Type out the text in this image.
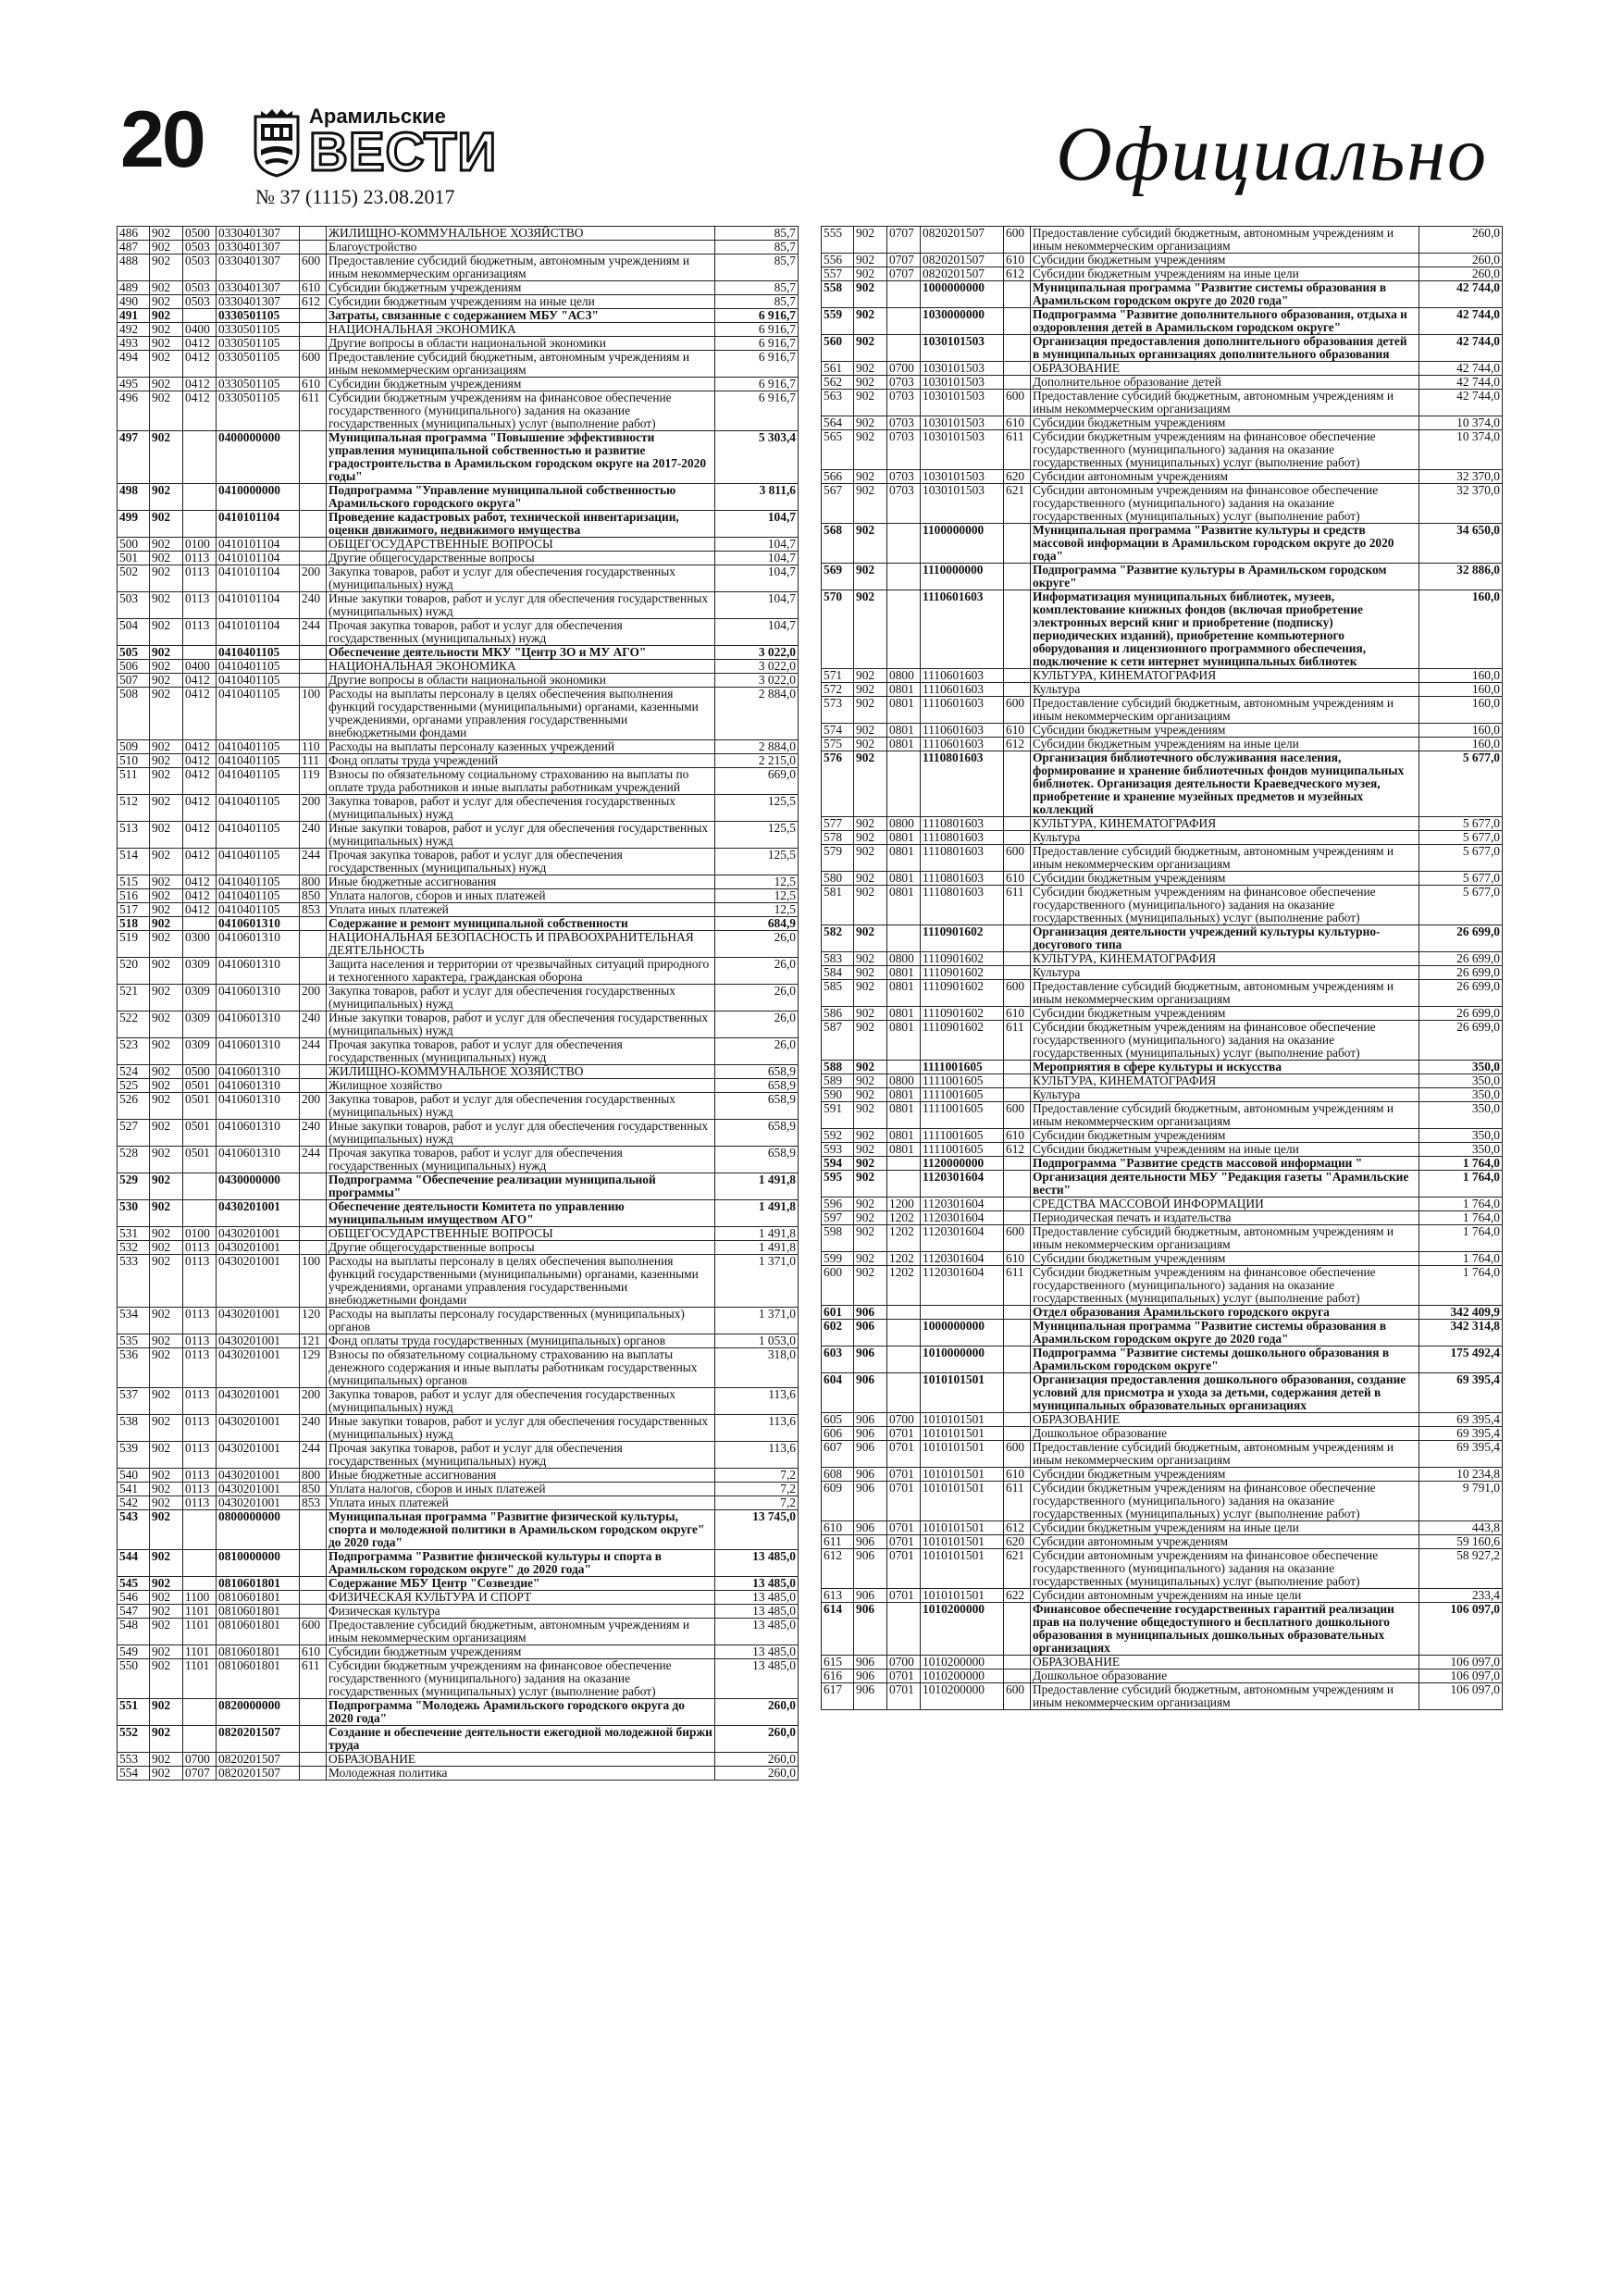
20	Арамильские
ВЕСТИ
№ 37 (1115) 23.08.2017	Официально
486	902	0500	0330401307		ЖИЛИЩНО-КОММУНАЛЬНОЕ ХОЗЯЙСТВО	85,7
487	902	0503	0330401307		Благоустройство	85,7
488	902	0503	0330401307	600	Предоставление субсидий бюджетным, автономным учреждениям и иным некоммерческим организациям	85,7
489	902	0503	0330401307	610	Субсидии бюджетным учреждениям	85,7
490	902	0503	0330401307	612	Субсидии бюджетным учреждениям на иные цели	85,7
491	902		0330501105		Затраты, связанные с содержанием МБУ "АСЗ"	6 916,7
492	902	0400	0330501105		НАЦИОНАЛЬНАЯ ЭКОНОМИКА	6 916,7
493	902	0412	0330501105		Другие вопросы в области национальной экономики	6 916,7
494	902	0412	0330501105	600	Предоставление субсидий бюджетным, автономным учреждениям и иным некоммерческим организациям	6 916,7
495	902	0412	0330501105	610	Субсидии бюджетным учреждениям	6 916,7
496	902	0412	0330501105	611	Субсидии бюджетным учреждениям на финансовое обеспечение государственного (муниципального) задания на оказание государственных (муниципальных) услуг (выполнение работ)	6 916,7
497	902		0400000000		Муниципальная программа "Повышение эффективности управления муниципальной собственностью и развитие градостроительства в Арамильском городском округе на 2017-2020 годы"	5 303,4
498	902		0410000000		Подпрограмма "Управление муниципальной собственностью Арамильского городского округа"	3 811,6
499	902		0410101104		Проведение кадастровых работ, технической инвентаризации, оценки движимого, недвижимого имущества	104,7
500	902	0100	0410101104		ОБЩЕГОСУДАРСТВЕННЫЕ ВОПРОСЫ	104,7
501	902	0113	0410101104		Другие общегосударственные вопросы	104,7
502	902	0113	0410101104	200	Закупка товаров, работ и услуг для обеспечения государственных (муниципальных) нужд	104,7
503	902	0113	0410101104	240	Иные закупки товаров, работ и услуг для обеспечения государственных (муниципальных) нужд	104,7
504	902	0113	0410101104	244	Прочая закупка товаров, работ и услуг для обеспечения государственных (муниципальных) нужд	104,7
505	902		0410401105		Обеспечение деятельности МКУ "Центр ЗО и МУ АГО"	3 022,0
506	902	0400	0410401105		НАЦИОНАЛЬНАЯ ЭКОНОМИКА	3 022,0
507	902	0412	0410401105		Другие вопросы в области национальной экономики	3 022,0
508	902	0412	0410401105	100	Расходы на выплаты персоналу в целях обеспечения выполнения функций государственными (муниципальными) органами, казенными учреждениями, органами управления государственными внебюджетными фондами	2 884,0
509	902	0412	0410401105	110	Расходы на выплаты персоналу казенных учреждений	2 884,0
510	902	0412	0410401105	111	Фонд оплаты труда учреждений	2 215,0
511	902	0412	0410401105	119	Взносы по обязательному социальному страхованию на выплаты по оплате труда работников и иные выплаты работникам учреждений	669,0
512	902	0412	0410401105	200	Закупка товаров, работ и услуг для обеспечения государственных (муниципальных) нужд	125,5
513	902	0412	0410401105	240	Иные закупки товаров, работ и услуг для обеспечения государственных (муниципальных) нужд	125,5
514	902	0412	0410401105	244	Прочая закупка товаров, работ и услуг для обеспечения государственных (муниципальных) нужд	125,5
515	902	0412	0410401105	800	Иные бюджетные ассигнования	12,5
516	902	0412	0410401105	850	Уплата налогов, сборов и иных платежей	12,5
517	902	0412	0410401105	853	Уплата иных платежей	12,5
518	902		0410601310		Содержание и ремонт муниципальной собственности	684,9
519	902	0300	0410601310		НАЦИОНАЛЬНАЯ БЕЗОПАСНОСТЬ И ПРАВООХРАНИТЕЛЬНАЯ ДЕЯТЕЛЬНОСТЬ	26,0
520	902	0309	0410601310		Защита населения и территории от чрезвычайных ситуаций природного и техногенного характера, гражданская оборона	26,0
521	902	0309	0410601310	200	Закупка товаров, работ и услуг для обеспечения государственных (муниципальных) нужд	26,0
522	902	0309	0410601310	240	Иные закупки товаров, работ и услуг для обеспечения государственных (муниципальных) нужд	26,0
523	902	0309	0410601310	244	Прочая закупка товаров, работ и услуг для обеспечения государственных (муниципальных) нужд	26,0
524	902	0500	0410601310		ЖИЛИЩНО-КОММУНАЛЬНОЕ ХОЗЯЙСТВО	658,9
525	902	0501	0410601310		Жилищное хозяйство	658,9
526	902	0501	0410601310	200	Закупка товаров, работ и услуг для обеспечения государственных (муниципальных) нужд	658,9
527	902	0501	0410601310	240	Иные закупки товаров, работ и услуг для обеспечения государственных (муниципальных) нужд	658,9
528	902	0501	0410601310	244	Прочая закупка товаров, работ и услуг для обеспечения государственных (муниципальных) нужд	658,9
529	902		0430000000		Подпрограмма "Обеспечение реализации муниципальной программы"	1 491,8
530	902		0430201001		Обеспечение деятельности Комитета по управлению муниципальным имуществом АГО"	1 491,8
531	902	0100	0430201001		ОБЩЕГОСУДАРСТВЕННЫЕ ВОПРОСЫ	1 491,8
532	902	0113	0430201001		Другие общегосударственные вопросы	1 491,8
533	902	0113	0430201001	100	Расходы на выплаты персоналу в целях обеспечения выполнения функций государственными (муниципальными) органами, казенными учреждениями, органами управления государственными внебюджетными фондами	1 371,0
534	902	0113	0430201001	120	Расходы на выплаты персоналу государственных (муниципальных) органов	1 371,0
535	902	0113	0430201001	121	Фонд оплаты труда государственных (муниципальных) органов	1 053,0
536	902	0113	0430201001	129	Взносы по обязательному социальному страхованию на выплаты денежного содержания и иные выплаты работникам государственных (муниципальных) органов	318,0
537	902	0113	0430201001	200	Закупка товаров, работ и услуг для обеспечения государственных (муниципальных) нужд	113,6
538	902	0113	0430201001	240	Иные закупки товаров, работ и услуг для обеспечения государственных (муниципальных) нужд	113,6
539	902	0113	0430201001	244	Прочая закупка товаров, работ и услуг для обеспечения государственных (муниципальных) нужд	113,6
540	902	0113	0430201001	800	Иные бюджетные ассигнования	7,2
541	902	0113	0430201001	850	Уплата налогов, сборов и иных платежей	7,2
542	902	0113	0430201001	853	Уплата иных платежей	7,2
543	902		0800000000		Муниципальная программа "Развитие физической культуры, спорта и молодежной политики в Арамильском городском округе" до 2020 года"	13 745,0
544	902		0810000000		Подпрограмма "Развитие физической культуры и спорта в Арамильском городском округе" до 2020 года"	13 485,0
545	902		0810601801		Содержание МБУ Центр "Созвездие"	13 485,0
546	902	1100	0810601801		ФИЗИЧЕСКАЯ КУЛЬТУРА И СПОРТ	13 485,0
547	902	1101	0810601801		Физическая культура	13 485,0
548	902	1101	0810601801	600	Предоставление субсидий бюджетным, автономным учреждениям и иным некоммерческим организациям	13 485,0
549	902	1101	0810601801	610	Субсидии бюджетным учреждениям	13 485,0
550	902	1101	0810601801	611	Субсидии бюджетным учреждениям на финансовое обеспечение государственного (муниципального) задания на оказание государственных (муниципальных) услуг (выполнение работ)	13 485,0
551	902		0820000000		Подпрограмма "Молодежь Арамильского городского округа до 2020 года"	260,0
552	902		0820201507		Создание и обеспечение деятельности ежегодной молодежной биржи труда	260,0
553	902	0700	0820201507		ОБРАЗОВАНИЕ	260,0
554	902	0707	0820201507		Молодежная политика	260,0
555	902	0707	0820201507	600	Предоставление субсидий бюджетным, автономным учреждениям и иным некоммерческим организациям	260,0
556	902	0707	0820201507	610	Субсидии бюджетным учреждениям	260,0
557	902	0707	0820201507	612	Субсидии бюджетным учреждениям на иные цели	260,0
558	902		1000000000		Муниципальная программа "Развитие системы образования в Арамильском городском округе до 2020 года"	42 744,0
559	902		1030000000		Подпрограмма "Развитие дополнительного образования, отдыха и оздоровления детей в Арамильском городском округе"	42 744,0
560	902		1030101503		Организация предоставления дополнительного образования детей в муниципальных организациях дополнительного образования	42 744,0
561	902	0700	1030101503		ОБРАЗОВАНИЕ	42 744,0
562	902	0703	1030101503		Дополнительное образование детей	42 744,0
563	902	0703	1030101503	600	Предоставление субсидий бюджетным, автономным учреждениям и иным некоммерческим организациям	42 744,0
564	902	0703	1030101503	610	Субсидии бюджетным учреждениям	10 374,0
565	902	0703	1030101503	611	Субсидии бюджетным учреждениям на финансовое обеспечение государственного (муниципального) задания на оказание государственных (муниципальных) услуг (выполнение работ)	10 374,0
566	902	0703	1030101503	620	Субсидии автономным учреждениям	32 370,0
567	902	0703	1030101503	621	Субсидии автономным учреждениям на финансовое обеспечение государственного (муниципального) задания на оказание государственных (муниципальных) услуг (выполнение работ)	32 370,0
568	902		1100000000		Муниципальная программа "Развитие культуры и средств массовой информации в Арамильском городском округе до 2020 года"	34 650,0
569	902		1110000000		Подпрограмма "Развитие культуры в Арамильском городском округе"	32 886,0
570	902		1110601603		Информатизация муниципальных библиотек, музеев, комплектование книжных фондов (включая приобретение электронных версий книг и приобретение (подписку) периодических изданий), приобретение компьютерного оборудования и лицензионного программного обеспечения, подключение к сети интернет муниципальных библиотек	160,0
571	902	0800	1110601603		КУЛЬТУРА, КИНЕМАТОГРАФИЯ	160,0
572	902	0801	1110601603		Культура	160,0
573	902	0801	1110601603	600	Предоставление субсидий бюджетным, автономным учреждениям и иным некоммерческим организациям	160,0
574	902	0801	1110601603	610	Субсидии бюджетным учреждениям	160,0
575	902	0801	1110601603	612	Субсидии бюджетным учреждениям на иные цели	160,0
576	902		1110801603		Организация библиотечного обслуживания населения, формирование и хранение библиотечных фондов муниципальных библиотек. Организация деятельности Краеведческого музея, приобретение и хранение музейных предметов и музейных коллекций	5 677,0
577	902	0800	1110801603		КУЛЬТУРА, КИНЕМАТОГРАФИЯ	5 677,0
578	902	0801	1110801603		Культура	5 677,0
579	902	0801	1110801603	600	Предоставление субсидий бюджетным, автономным учреждениям и иным некоммерческим организациям	5 677,0
580	902	0801	1110801603	610	Субсидии бюджетным учреждениям	5 677,0
581	902	0801	1110801603	611	Субсидии бюджетным учреждениям на финансовое обеспечение государственного (муниципального) задания на оказание государственных (муниципальных) услуг (выполнение работ)	5 677,0
582	902		1110901602		Организация деятельности учреждений культуры культурно-досугового типа	26 699,0
583	902	0800	1110901602		КУЛЬТУРА, КИНЕМАТОГРАФИЯ	26 699,0
584	902	0801	1110901602		Культура	26 699,0
585	902	0801	1110901602	600	Предоставление субсидий бюджетным, автономным учреждениям и иным некоммерческим организациям	26 699,0
586	902	0801	1110901602	610	Субсидии бюджетным учреждениям	26 699,0
587	902	0801	1110901602	611	Субсидии бюджетным учреждениям на финансовое обеспечение государственного (муниципального) задания на оказание государственных (муниципальных) услуг (выполнение работ)	26 699,0
588	902		1111001605		Мероприятия в сфере культуры и искусства	350,0
589	902	0800	1111001605		КУЛЬТУРА, КИНЕМАТОГРАФИЯ	350,0
590	902	0801	1111001605		Культура	350,0
591	902	0801	1111001605	600	Предоставление субсидий бюджетным, автономным учреждениям и иным некоммерческим организациям	350,0
592	902	0801	1111001605	610	Субсидии бюджетным учреждениям	350,0
593	902	0801	1111001605	612	Субсидии бюджетным учреждениям на иные цели	350,0
594	902		1120000000		Подпрограмма "Развитие средств массовой информации "	1 764,0
595	902		1120301604		Организация деятельности МБУ "Редакция газеты "Арамильские вести"	1 764,0
596	902	1200	1120301604		СРЕДСТВА МАССОВОЙ ИНФОРМАЦИИ	1 764,0
597	902	1202	1120301604		Периодическая печать и издательства	1 764,0
598	902	1202	1120301604	600	Предоставление субсидий бюджетным, автономным учреждениям и иным некоммерческим организациям	1 764,0
599	902	1202	1120301604	610	Субсидии бюджетным учреждениям	1 764,0
600	902	1202	1120301604	611	Субсидии бюджетным учреждениям на финансовое обеспечение государственного (муниципального) задания на оказание государственных (муниципальных) услуг (выполнение работ)	1 764,0
601	906				Отдел образования Арамильского городского округа	342 409,9
602	906		1000000000		Муниципальная программа "Развитие системы образования в Арамильском городском округе до 2020 года"	342 314,8
603	906		1010000000		Подпрограмма "Развитие системы дошкольного образования в Арамильском городском округе"	175 492,4
604	906		1010101501		Организация предоставления дошкольного образования, создание условий для присмотра и ухода за детьми, содержания детей в муниципальных образовательных организациях	69 395,4
605	906	0700	1010101501		ОБРАЗОВАНИЕ	69 395,4
606	906	0701	1010101501		Дошкольное образование	69 395,4
607	906	0701	1010101501	600	Предоставление субсидий бюджетным, автономным учреждениям и иным некоммерческим организациям	69 395,4
608	906	0701	1010101501	610	Субсидии бюджетным учреждениям	10 234,8
609	906	0701	1010101501	611	Субсидии бюджетным учреждениям на финансовое обеспечение государственного (муниципального) задания на оказание государственных (муниципальных) услуг (выполнение работ)	9 791,0
610	906	0701	1010101501	612	Субсидии бюджетным учреждениям на иные цели	443,8
611	906	0701	1010101501	620	Субсидии автономным учреждениям	59 160,6
612	906	0701	1010101501	621	Субсидии автономным учреждениям на финансовое обеспечение государственного (муниципального) задания на оказание государственных (муниципальных) услуг (выполнение работ)	58 927,2
613	906	0701	1010101501	622	Субсидии автономным учреждениям на иные цели	233,4
614	906		1010200000		Финансовое обеспечение государственных гарантий реализации прав на получение общедоступного и бесплатного дошкольного образования в муниципальных дошкольных образовательных организациях	106 097,0
615	906	0700	1010200000		ОБРАЗОВАНИЕ	106 097,0
616	906	0701	1010200000		Дошкольное образование	106 097,0
617	906	0701	1010200000	600	Предоставление субсидий бюджетным, автономным учреждениям и иным некоммерческим организациям	106 097,0
